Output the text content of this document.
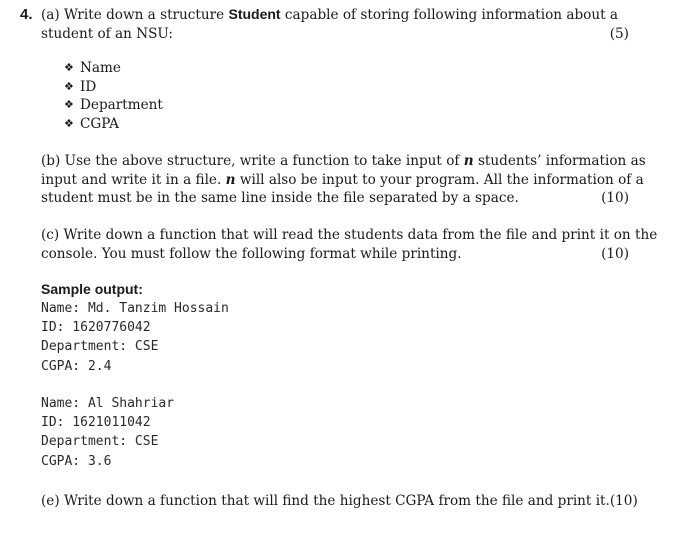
4. (a) Write down a structure Student capable of storing following information about a
student of an NSU:	(5)
❖ Name
❖ ID
❖ Department
❖ CGPA
(b) Use the above structure, write a function to take input of n students’ information as
input and write it in a file. n will also be input to your program. All the information of a
student must be in the same line inside the file separated by a space.	(10)
(c) Write down a function that will read the students data from the file and print it on the
console. You must follow the following format while printing.	(10)
Sample output:
Name: Md. Tanzim Hossain
ID: 1620776042
Department: CSE
CGPA: 2.4
Name: Al Shahriar
ID: 1621011042
Department: CSE
CGPA: 3.6
(e) Write down a function that will find the highest CGPA from the file and print it. (10)
